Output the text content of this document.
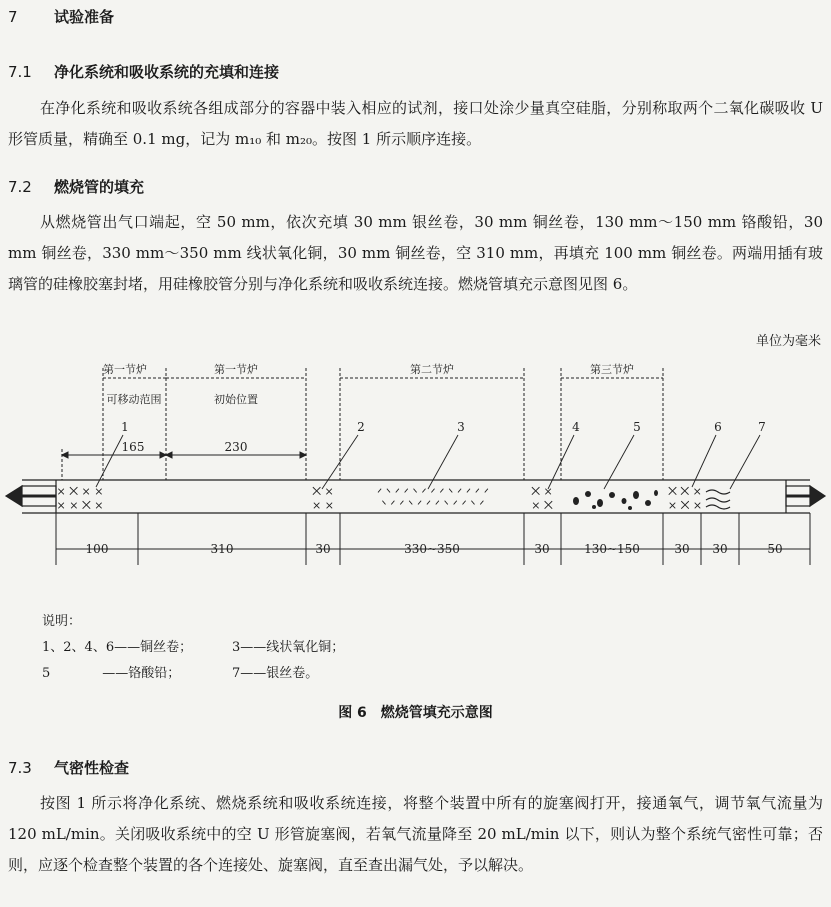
7 试验准备
7.1 净化系统和吸收系统的充填和连接
在净化系统和吸收系统各组成部分的容器中装入相应的试剂，接口处涂少量真空硅脂，分别称取两个二氧化碳吸收 U 形管质量，精确至 0.1 mg，记为 m₁₀ 和 m₂₀。按图 1 所示顺序连接。
7.2 燃烧管的填充
从燃烧管出气口端起，空 50 mm，依次充填 30 mm 银丝卷，30 mm 铜丝卷，130 mm～150 mm 铬酸铅，30 mm 铜丝卷，330 mm～350 mm 线状氧化铜，30 mm 铜丝卷，空 310 mm，再填充 100 mm 铜丝卷。两端用插有玻璃管的硅橡胶塞封堵，用硅橡胶管分别与净化系统和吸收系统连接。燃烧管填充示意图见图 6。
单位为毫米
第一节炉	第一节炉	第二节炉	第三节炉
可移动范围	初始位置
1	2	3	4	5	6	7
165	230
× ⨉ × ×
× × ⨉ ×
⨉ ×
× ×
⨉ ×
× ⨉
⨉ ⨉ ×
× ⨉ ×
ᐟ ᐠ ᐟ ᐟ ᐠ ᐟ ᐟ ᐟ ᐠ ᐟ ᐟ ᐟ ᐟ
ᐠ ᐟ ᐟ ᐠ ᐟ ᐟ ᐟ ᐠ ᐟ ᐟ ᐠ ᐟ
100	310	30	330~350	30	130~150	30 30	50
说明：
1、2、4、6——铜丝卷；	3——线状氧化铜；
5　　　　——铬酸铅；	7——银丝卷。
图 6　燃烧管填充示意图
7.3 气密性检查
按图 1 所示将净化系统、燃烧系统和吸收系统连接，将整个装置中所有的旋塞阀打开，接通氧气，调节氧气流量为 120 mL/min。关闭吸收系统中的空 U 形管旋塞阀，若氧气流量降至 20 mL/min 以下，则认为整个系统气密性可靠；否则，应逐个检查整个装置的各个连接处、旋塞阀，直至查出漏气处，予以解决。
